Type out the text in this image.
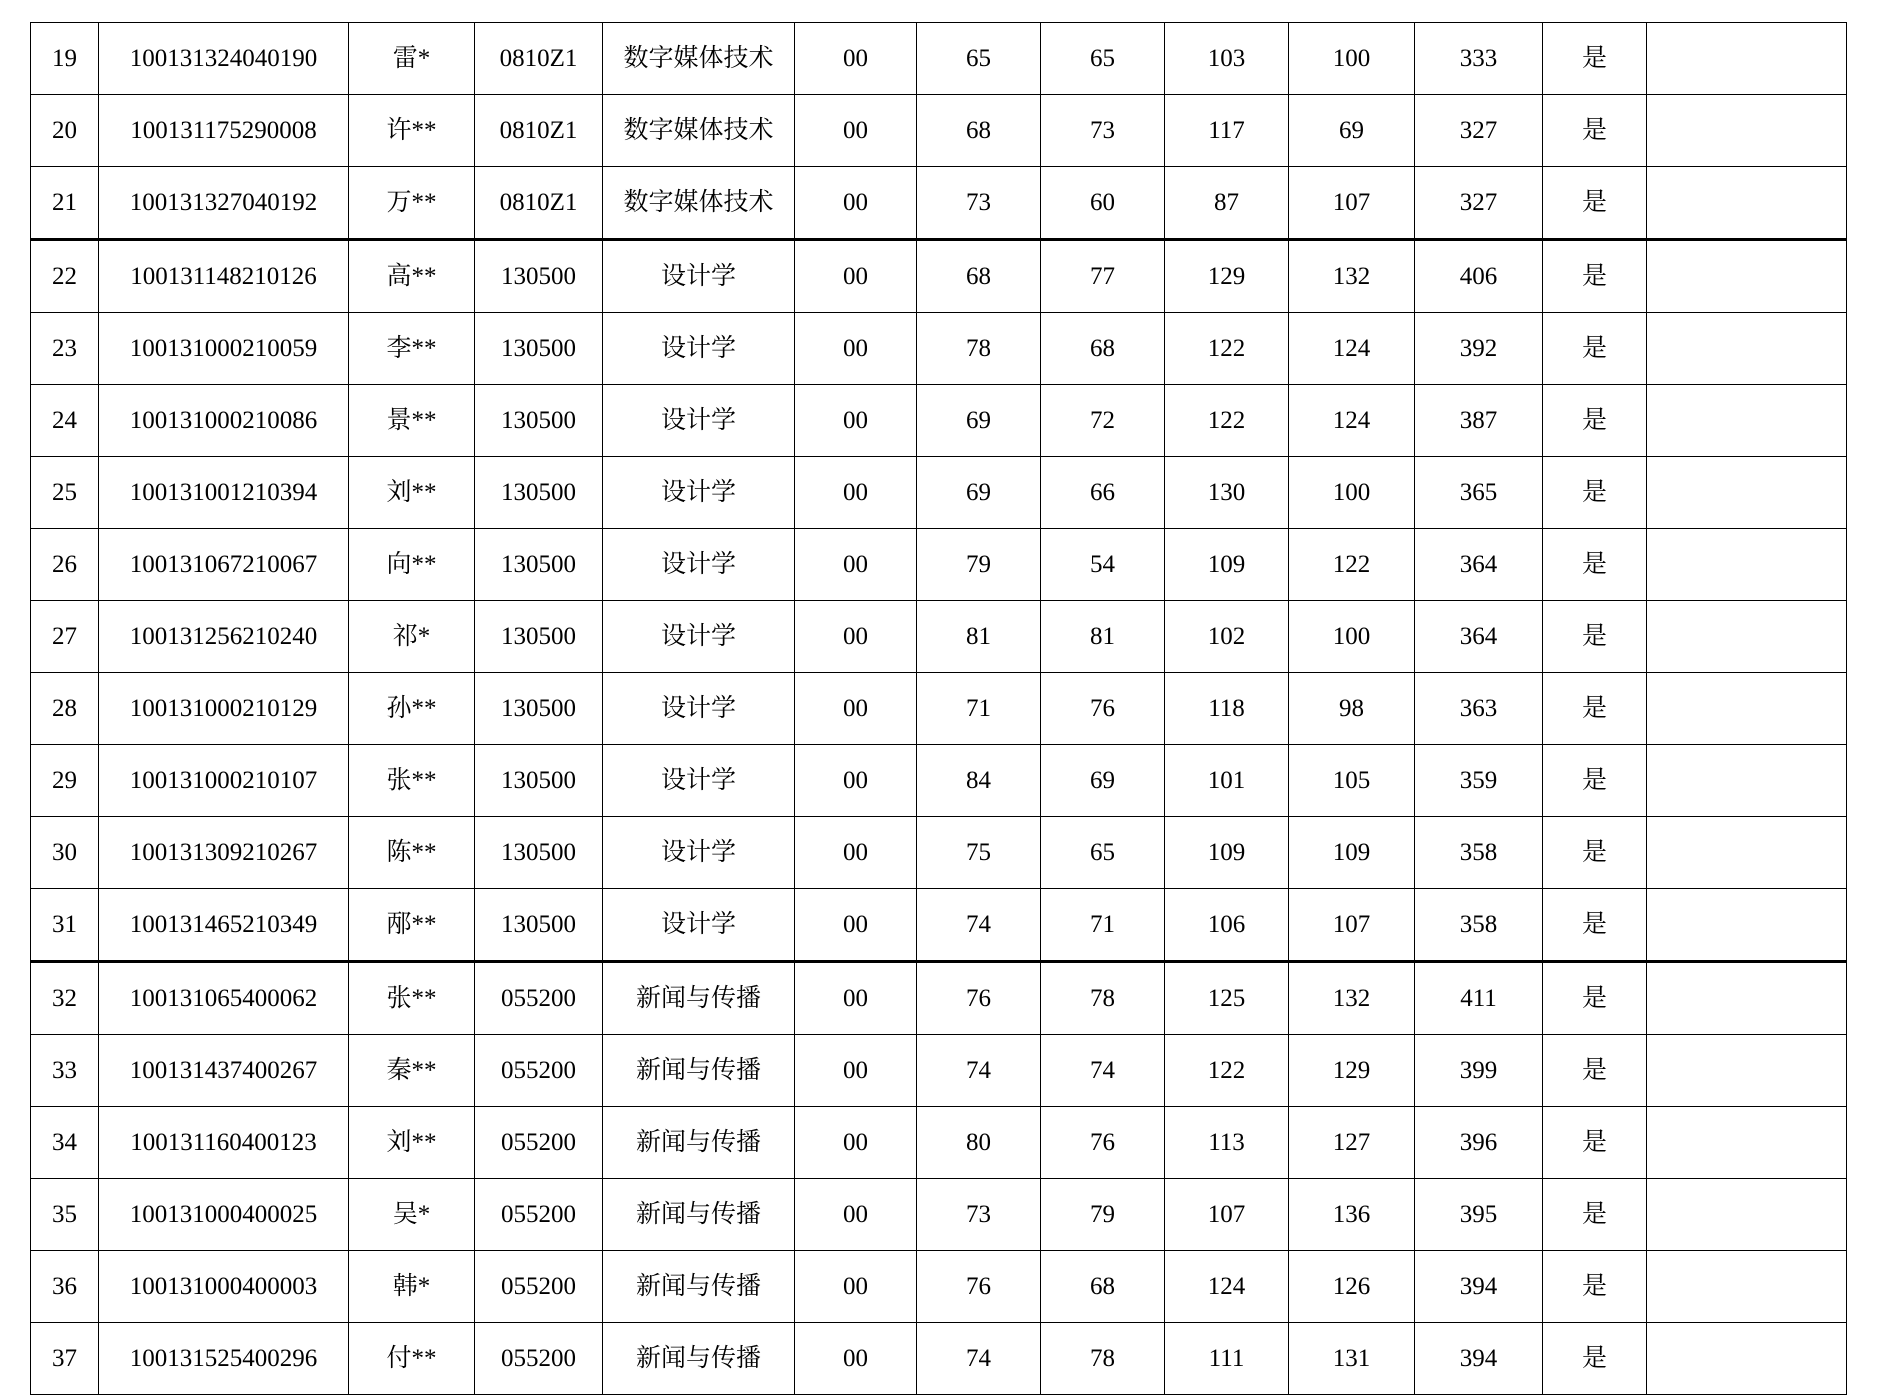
19	100131324040190	雷*	0810Z1	数字媒体技术	00	65	65	103	100	333	是	
20	100131175290008	许**	0810Z1	数字媒体技术	00	68	73	117	69	327	是	
21	100131327040192	万**	0810Z1	数字媒体技术	00	73	60	87	107	327	是	
22	100131148210126	高**	130500	设计学	00	68	77	129	132	406	是	
23	100131000210059	李**	130500	设计学	00	78	68	122	124	392	是	
24	100131000210086	景**	130500	设计学	00	69	72	122	124	387	是	
25	100131001210394	刘**	130500	设计学	00	69	66	130	100	365	是	
26	100131067210067	向**	130500	设计学	00	79	54	109	122	364	是	
27	100131256210240	祁*	130500	设计学	00	81	81	102	100	364	是	
28	100131000210129	孙**	130500	设计学	00	71	76	118	98	363	是	
29	100131000210107	张**	130500	设计学	00	84	69	101	105	359	是	
30	100131309210267	陈**	130500	设计学	00	75	65	109	109	358	是	
31	100131465210349	邴**	130500	设计学	00	74	71	106	107	358	是	
32	100131065400062	张**	055200	新闻与传播	00	76	78	125	132	411	是	
33	100131437400267	秦**	055200	新闻与传播	00	74	74	122	129	399	是	
34	100131160400123	刘**	055200	新闻与传播	00	80	76	113	127	396	是	
35	100131000400025	吴*	055200	新闻与传播	00	73	79	107	136	395	是	
36	100131000400003	韩*	055200	新闻与传播	00	76	68	124	126	394	是	
37	100131525400296	付**	055200	新闻与传播	00	74	78	111	131	394	是	
